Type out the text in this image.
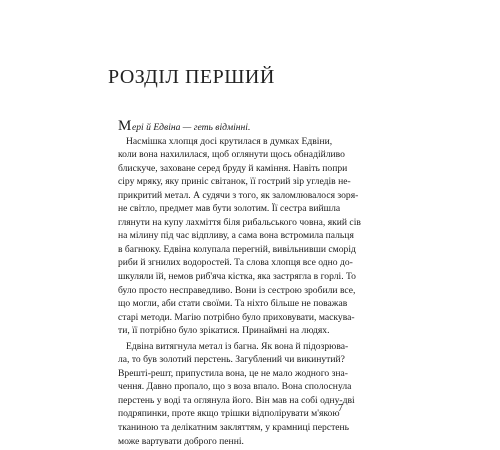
РОЗДІЛ ПЕРШИЙ
М ері й Едвіна — геть відмінні.
Насмішка хлопця досі крутилася в думках Едвіни,
коли вона нахилилася, щоб оглянути щось обнадійливо
блискуче, заховане серед бруду й каміння. Навіть попри
сіру мряку, яку приніс світанок, її гострий зір угледів не-
прикритий метал. А судячи з того, як заломлювалося зоря-
не світло, предмет мав бути золотим. Її сестра вийшла
глянути на купу лахміття біля рибальського човна, який сів
на мілину під час відпливу, а сама вона встромила пальця
в багнюку. Едвіна колупала перегній, вивільнивши сморід
риби й згнилих водоростей. Та слова хлопця все одно до-
шкуляли їй, немов риб'яча кістка, яка застрягла в горлі. То
було просто несправедливо. Вони із сестрою зробили все,
що могли, аби стати своїми. Та ніхто більше не поважав
старі методи. Магію потрібно було приховувати, маскува-
ти, її потрібно було зрікатися. Принаймні на людях.
Едвіна витягнула метал із багна. Як вона й підозрюва-
ла, то був золотий перстень. Загублений чи викинутий?
Врешті-решт, припустила вона, це не мало жодного зна-
чення. Давно пропало, що з воза впало. Вона сполоснула
перстень у воді та оглянула його. Він мав на собі одну-дві
подряпинки, проте якщо трішки відполірувати м'якою
тканиною та делікатним закляттям, у крамниці перстень
може вартувати доброго пенні.
7
